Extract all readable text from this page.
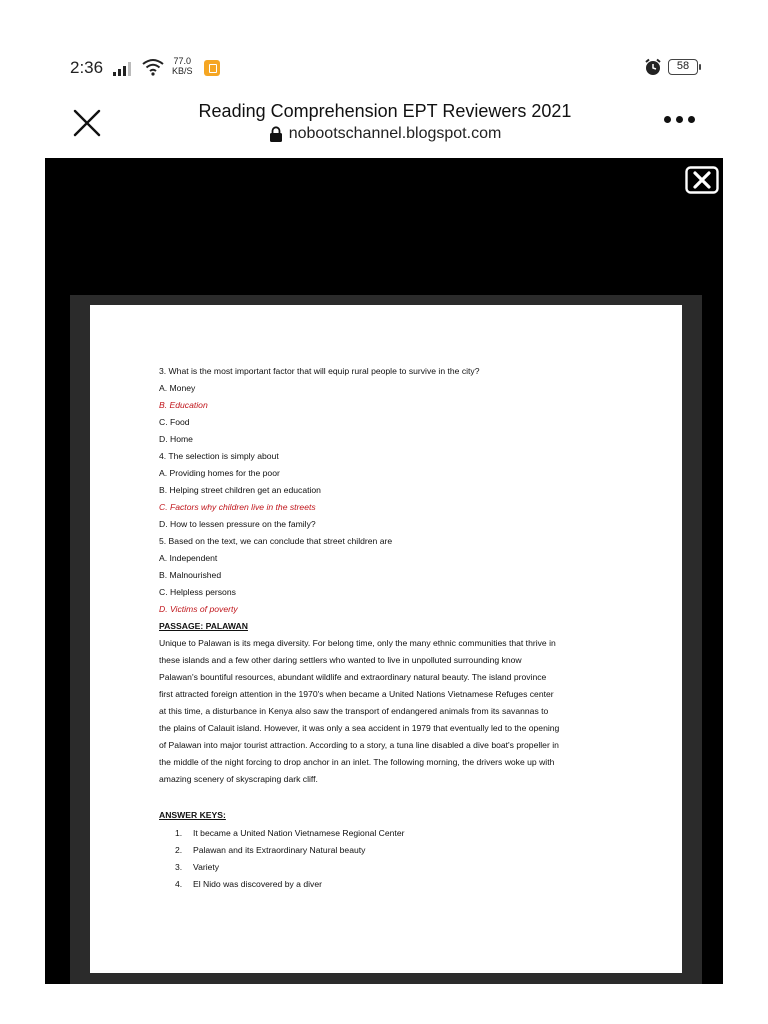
2:36	77.0
KB/S	58
Reading Comprehension EPT Reviewers 2021
nobootschannel.blogspot.com
3. What is the most important factor that will equip rural people to survive in the city?
A. Money
B. Education
C. Food
D. Home
4. The selection is simply about
A. Providing homes for the poor
B. Helping street children get an education
C. Factors why children live in the streets
D. How to lessen pressure on the family?
5. Based on the text, we can conclude that street children are
A. Independent
B. Malnourished
C. Helpless persons
D. Victims of poverty
PASSAGE: PALAWAN
Unique to Palawan is its mega diversity. For belong time, only the many ethnic communities that thrive in
these islands and a few other daring settlers who wanted to live in unpolluted surrounding know
Palawan's bountiful resources, abundant wildlife and extraordinary natural beauty. The island province
first attracted foreign attention in the 1970's when became a United Nations Vietnamese Refuges center
at this time, a disturbance in Kenya also saw the transport of endangered animals from its savannas to
the plains of Calauit island. However, it was only a sea accident in 1979 that eventually led to the opening
of Palawan into major tourist attraction. According to a story, a tuna line disabled a dive boat's propeller in
the middle of the night forcing to drop anchor in an inlet. The following morning, the drivers woke up with
amazing scenery of skyscraping dark cliff.
ANSWER KEYS:
1.	It became a United Nation Vietnamese Regional Center
2.	Palawan and its Extraordinary Natural beauty
3.	Variety
4.	El Nido was discovered by a diver
